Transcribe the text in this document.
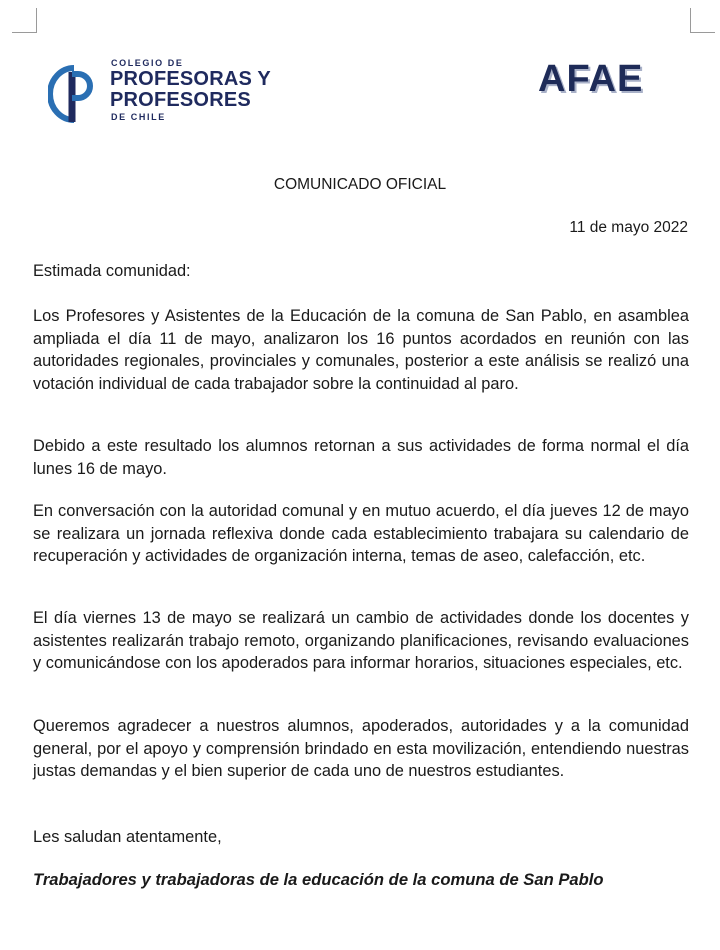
COLEGIO DE
PROFESORAS Y
PROFESORES
DE CHILE
AFAE
COMUNICADO OFICIAL
11 de mayo 2022
Estimada comunidad:
Los Profesores y Asistentes de la Educación de la comuna de San Pablo, en asamblea ampliada el día 11 de mayo, analizaron los 16 puntos acordados en reunión con las autoridades regionales, provinciales y comunales, posterior a este análisis se realizó una votación individual de cada trabajador sobre la continuidad al paro.
Debido a este resultado los alumnos retornan a sus actividades de forma normal el día lunes 16 de mayo.
En conversación con la autoridad comunal y en mutuo acuerdo, el día jueves 12 de mayo se realizara un jornada reflexiva donde cada establecimiento trabajara su calendario de recuperación y actividades de organización interna, temas de aseo, calefacción, etc.
El día viernes 13 de mayo se realizará un cambio de actividades donde los docentes y asistentes realizarán trabajo remoto, organizando planificaciones, revisando evaluaciones y comunicándose con los apoderados para informar horarios, situaciones especiales, etc.
Queremos agradecer a nuestros alumnos, apoderados, autoridades y a la comunidad general, por el apoyo y comprensión brindado en esta movilización, entendiendo nuestras justas demandas y el bien superior de cada uno de nuestros estudiantes.
Les saludan atentamente,
Trabajadores y trabajadoras de la educación de la comuna de San Pablo
